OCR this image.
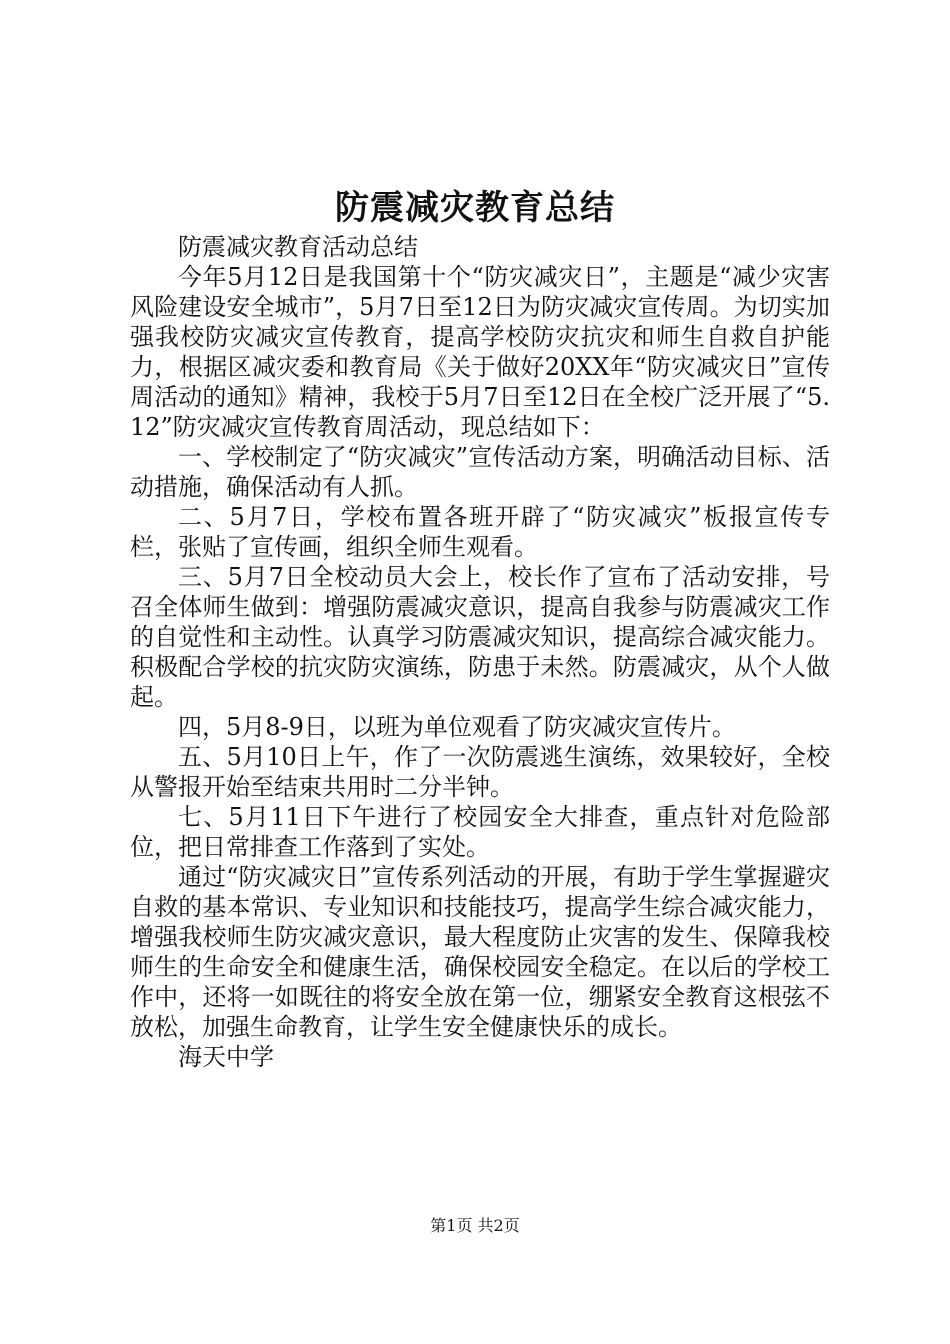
防震减灾教育总结

防震减灾教育活动总结

今年5月12日是我国第十个“防灾减灾日”，主题是“减少灾害风险建设安全城市”，5月7日至12日为防灾减灾宣传周。为切实加强我校防灾减灾宣传教育，提高学校防灾抗灾和师生自救自护能力，根据区减灾委和教育局《关于做好20XX年“防灾减灾日”宣传周活动的通知》精神，我校于5月7日至12日在全校广泛开展了“5.12”防灾减灾宣传教育周活动，现总结如下：

一、学校制定了“防灾减灾”宣传活动方案，明确活动目标、活动措施，确保活动有人抓。

二、5月7日，学校布置各班开辟了“防灾减灾”板报宣传专栏，张贴了宣传画，组织全师生观看。

三、5月7日全校动员大会上，校长作了宣布了活动安排，号召全体师生做到：增强防震减灾意识，提高自我参与防震减灾工作的自觉性和主动性。认真学习防震减灾知识，提高综合减灾能力。积极配合学校的抗灾防灾演练，防患于未然。防震减灾，从个人做起。

四，5月8-9日，以班为单位观看了防灾减灾宣传片。

五、5月10日上午，作了一次防震逃生演练，效果较好，全校从警报开始至结束共用时二分半钟。

七、5月11日下午进行了校园安全大排查，重点针对危险部位，把日常排查工作落到了实处。

通过“防灾减灾日”宣传系列活动的开展，有助于学生掌握避灾自救的基本常识、专业知识和技能技巧，提高学生综合减灾能力，增强我校师生防灾减灾意识，最大程度防止灾害的发生、保障我校师生的生命安全和健康生活，确保校园安全稳定。在以后的学校工作中，还将一如既往的将安全放在第一位，绷紧安全教育这根弦不放松，加强生命教育，让学生安全健康快乐的成长。

海天中学

第1页 共2页
